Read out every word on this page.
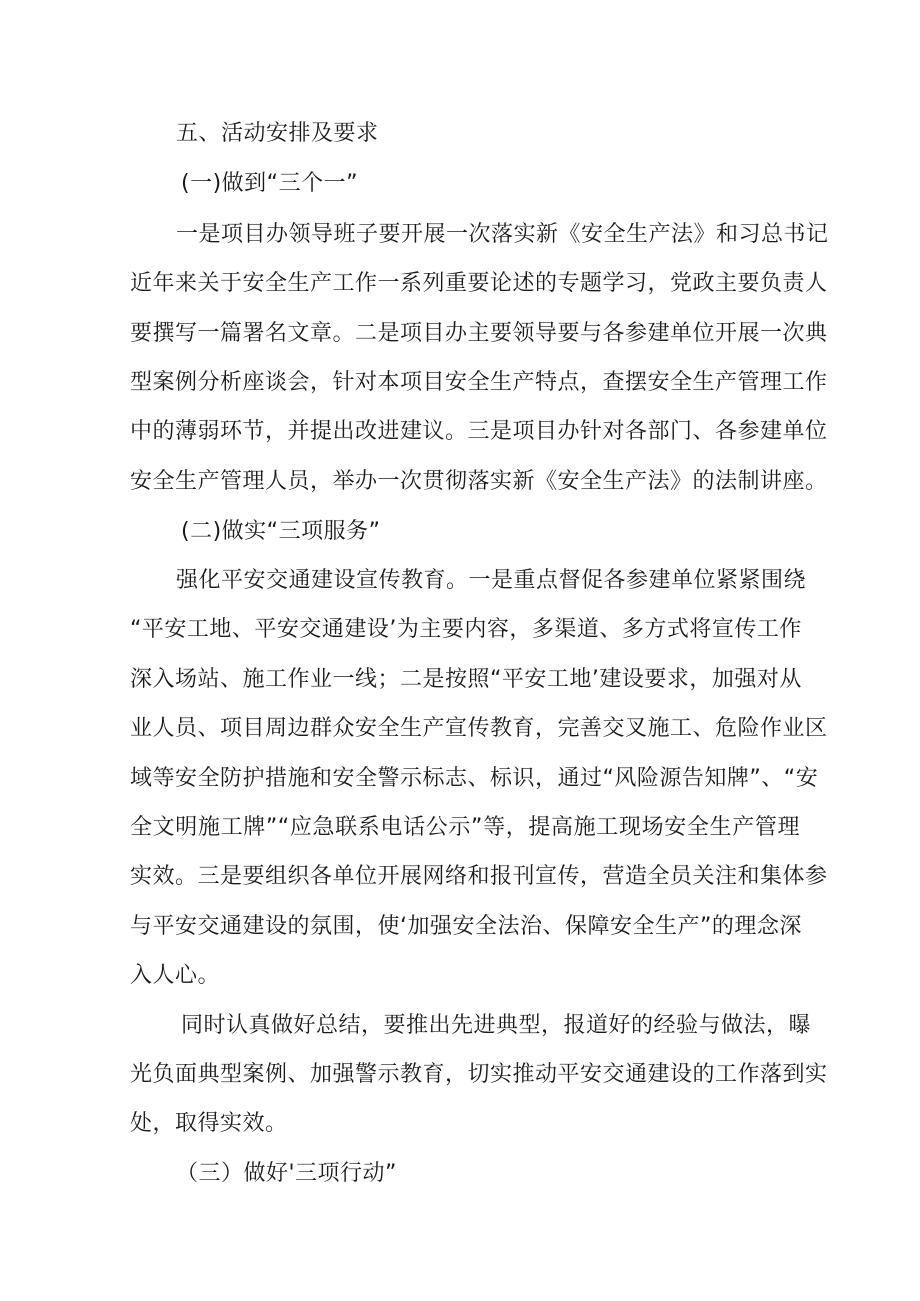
五、活动安排及要求
(一)做到“三个一”
一是项目办领导班子要开展一次落实新《安全生产法》和习总书记
近年来关于安全生产工作一系列重要论述的专题学习，党政主要负责人
要撰写一篇署名文章。二是项目办主要领导要与各参建单位开展一次典
型案例分析座谈会，针对本项目安全生产特点，查摆安全生产管理工作
中的薄弱环节，并提出改进建议。三是项目办针对各部门、各参建单位
安全生产管理人员，举办一次贯彻落实新《安全生产法》的法制讲座。
(二)做实“三项服务”
强化平安交通建设宣传教育。一是重点督促各参建单位紧紧围绕
“平安工地、平安交通建设’为主要内容，多渠道、多方式将宣传工作
深入场站、施工作业一线；二是按照“平安工地’建设要求，加强对从
业人员、项目周边群众安全生产宣传教育，完善交叉施工、危险作业区
域等安全防护措施和安全警示标志、标识，通过“风险源告知牌”、“安
全文明施工牌”“应急联系电话公示”等，提高施工现场安全生产管理
实效。三是要组织各单位开展网络和报刊宣传，营造全员关注和集体参
与平安交通建设的氛围，使‘加强安全法治、保障安全生产”的理念深
入人心。
同时认真做好总结，要推出先进典型，报道好的经验与做法，曝
光负面典型案例、加强警示教育，切实推动平安交通建设的工作落到实
处，取得实效。
（三）做好'三项行动”
